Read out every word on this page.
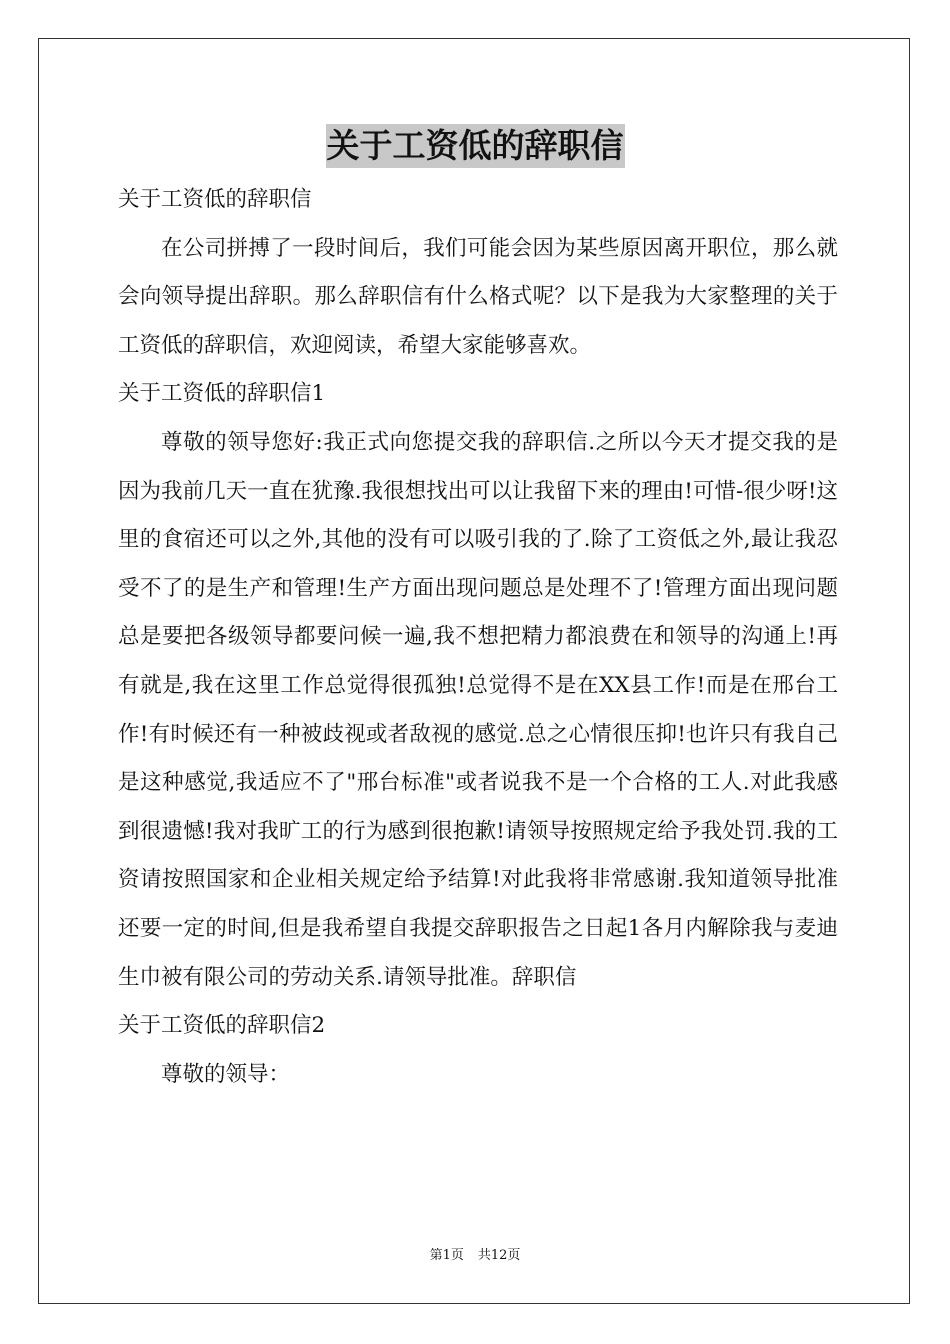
关于工资低的辞职信

关于工资低的辞职信

在公司拼搏了一段时间后，我们可能会因为某些原因离开职位，那么就会向领导提出辞职。那么辞职信有什么格式呢？以下是我为大家整理的关于工资低的辞职信，欢迎阅读，希望大家能够喜欢。

关于工资低的辞职信1

尊敬的领导您好:我正式向您提交我的辞职信.之所以今天才提交我的是因为我前几天一直在犹豫.我很想找出可以让我留下来的理由!可惜-很少呀!这里的食宿还可以之外,其他的没有可以吸引我的了.除了工资低之外,最让我忍受不了的是生产和管理!生产方面出现问题总是处理不了!管理方面出现问题总是要把各级领导都要问候一遍,我不想把精力都浪费在和领导的沟通上!再有就是,我在这里工作总觉得很孤独!总觉得不是在XX县工作!而是在邢台工作!有时候还有一种被歧视或者敌视的感觉.总之心情很压抑!也许只有我自己是这种感觉,我适应不了"邢台标准"或者说我不是一个合格的工人.对此我感到很遗憾!我对我旷工的行为感到很抱歉!请领导按照规定给予我处罚.我的工资请按照国家和企业相关规定给予结算!对此我将非常感谢.我知道领导批准还要一定的时间,但是我希望自我提交辞职报告之日起1各月内解除我与麦迪生巾被有限公司的劳动关系.请领导批准。辞职信

关于工资低的辞职信2

尊敬的领导：

第1页 共12页
